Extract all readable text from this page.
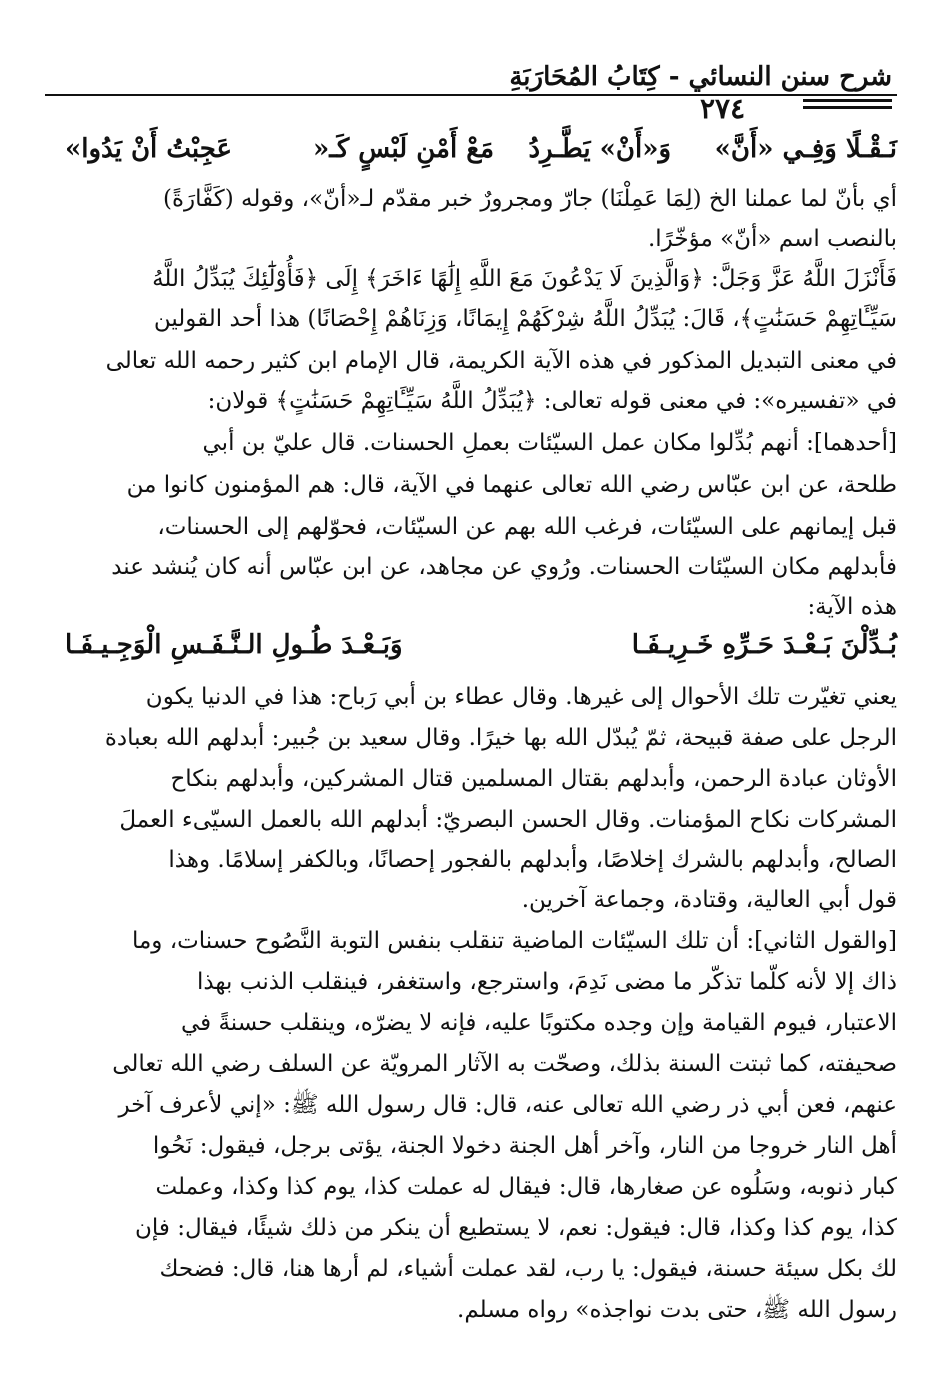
شرح سنن النسائي - كِتَابُ المُحَارَبَةِ
٢٧٤
نَـقْـلًا وَفِـي «أَنَّ»
وَ«أَنْ» يَطَّـرِدُ
مَعْ أَمْنِ لَبْسٍ كَـ«
عَجِبْتُ أَنْ يَدُوا»
أي بأنّ لما عملنا الخ (لِمَا عَمِلْنَا) جارّ ومجرورٌ خبر مقدّم لـ«أنّ»، وقوله (كَفَّارَةً)
بالنصب اسم «أنّ» مؤخّرًا.
فَأَنْزَلَ اللَّهُ عَزَّ وَجَلَّ: ﴿وَالَّذِينَ لَا يَدْعُونَ مَعَ اللَّهِ إِلَٰهًا ءَاخَرَ﴾ إِلَى ﴿فَأُوْلَٰٓئِكَ يُبَدِّلُ اللَّهُ
سَيِّـَٔاتِهِمْ حَسَنَٰتٍ﴾، قَالَ: يُبَدِّلُ اللَّهُ شِرْكَهُمْ إِيمَانًا، وَزِنَاهُمْ إِحْصَانًا) هذا أحد القولين
في معنى التبديل المذكور في هذه الآية الكريمة، قال الإمام ابن كثير رحمه الله تعالى
في «تفسيره»: في معنى قوله تعالى: ﴿يُبَدِّلُ اللَّهُ سَيِّـَٔاتِهِمْ حَسَنَٰتٍ﴾ قولان:
[أحدهما]: أنهم بُدِّلوا مكان عمل السيّئات بعملِ الحسنات. قال عليّ بن أبي
طلحة، عن ابن عبّاس رضي الله تعالى عنهما في الآية، قال: هم المؤمنون كانوا من
قبل إيمانهم على السيّئات، فرغب الله بهم عن السيّئات، فحوّلهم إلى الحسنات،
فأبدلهم مكان السيّئات الحسنات. ورُوي عن مجاهد، عن ابن عبّاس أنه كان يُنشد عند
هذه الآية:
بُـدِّلْنَ بَـعْـدَ حَـرِّهِ خَـرِيـفَـا
وَبَـعْـدَ طُـولِ الـنَّـفَـسِ الْوَجِـيـفَـا
يعني تغيّرت تلك الأحوال إلى غيرها. وقال عطاء بن أبي رَباح: هذا في الدنيا يكون
الرجل على صفة قبيحة، ثمّ يُبدّل الله بها خيرًا. وقال سعيد بن جُبير: أبدلهم الله بعبادة
الأوثان عبادة الرحمن، وأبدلهم بقتال المسلمين قتال المشركين، وأبدلهم بنكاح
المشركات نكاح المؤمنات. وقال الحسن البصريّ: أبدلهم الله بالعمل السيّىء العملَ
الصالح، وأبدلهم بالشرك إخلاصًا، وأبدلهم بالفجور إحصانًا، وبالكفر إسلامًا. وهذا
قول أبي العالية، وقتادة، وجماعة آخرين.
[والقول الثاني]: أن تلك السيّئات الماضية تنقلب بنفس التوبة النَّصُوح حسنات، وما
ذاك إلا لأنه كلّما تذكّر ما مضى نَدِمَ، واسترجع، واستغفر، فينقلب الذنب بهذا
الاعتبار، فيوم القيامة وإن وجده مكتوبًا عليه، فإنه لا يضرّه، وينقلب حسنةً في
صحيفته، كما ثبتت السنة بذلك، وصحّت به الآثار المرويّة عن السلف رضي الله تعالى
عنهم، فعن أبي ذر رضي الله تعالى عنه، قال: قال رسول الله ﷺ: «إني لأعرف آخر
أهل النار خروجا من النار، وآخر أهل الجنة دخولا الجنة، يؤتى برجل، فيقول: نَحُوا
كبار ذنوبه، وسَلُوه عن صغارها، قال: فيقال له عملت كذا، يوم كذا وكذا، وعملت
كذا، يوم كذا وكذا، قال: فيقول: نعم، لا يستطيع أن ينكر من ذلك شيئًا، فيقال: فإن
لك بكل سيئة حسنة، فيقول: يا رب، لقد عملت أشياء، لم أرها هنا، قال: فضحك
رسول الله ﷺ، حتى بدت نواجذه» رواه مسلم.
